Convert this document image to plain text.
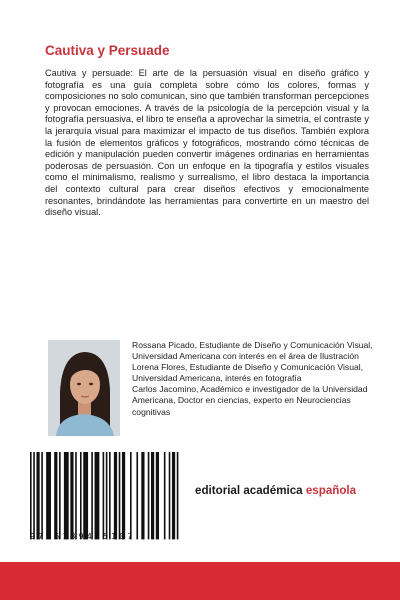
Cautiva y Persuade

Cautiva y persuade: El arte de la persuasión visual en diseño gráfico y fotografía es una guía completa sobre cómo los colores, formas y composiciones no solo comunican, sino que también transforman percepciones y provocan emociones. A través de la psicología de la percepción visual y la fotografía persuasiva, el libro te enseña a aprovechar la simetría, el contraste y la jerarquía visual para maximizar el impacto de tus diseños. También explora la fusión de elementos gráficos y fotográficos, mostrando cómo técnicas de edición y manipulación pueden convertir imágenes ordinarias en herramientas poderosas de persuasión. Con un enfoque en la tipografía y estilos visuales como el minimalismo, realismo y surrealismo, el libro destaca la importancia del contexto cultural para crear diseños efectivos y emocionalmente resonantes, brindándote las herramientas para convertirte en un maestro del diseño visual.

Rossana Picado, Estudiante de Diseño y Comunicación Visual, Universidad Americana con interés en el área de Ilustración
Lorena Flores, Estudiante de Diseño y Comunicación Visual, Universidad Americana, interés en fotografía
Carlos Jacomino, Académico e investigador de la Universidad Americana, Doctor en ciencias, experto en Neurociencias cognitivas
9786139405107
editorial académica española
